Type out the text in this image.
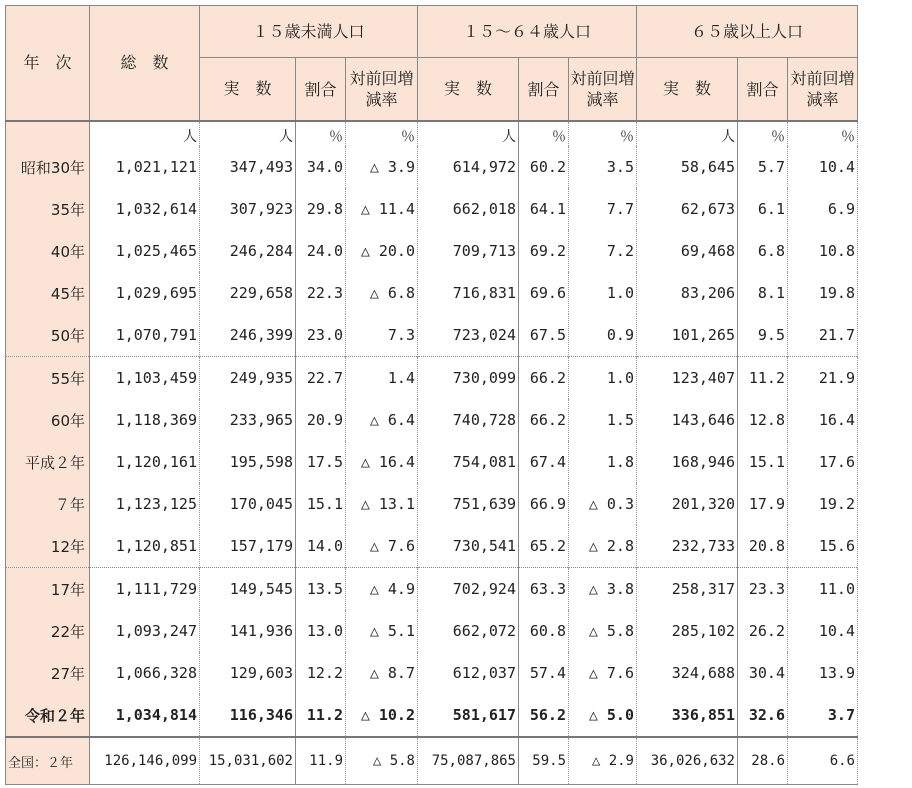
年　次	総　数	１５歳未満人口			１５～６４歳人口			６５歳以上人口		
		実　数	割合	対前回増減率	実　数	割合	対前回増減率	実　数	割合	対前回増減率
	人	人	％	％	人	％	％	人	％	％
昭和30年	1,021,121	347,493	34.0	△ 3.9	614,972	60.2	3.5	58,645	5.7	10.4
35年	1,032,614	307,923	29.8	△ 11.4	662,018	64.1	7.7	62,673	6.1	6.9
40年	1,025,465	246,284	24.0	△ 20.0	709,713	69.2	7.2	69,468	6.8	10.8
45年	1,029,695	229,658	22.3	△ 6.8	716,831	69.6	1.0	83,206	8.1	19.8
50年	1,070,791	246,399	23.0	7.3	723,024	67.5	0.9	101,265	9.5	21.7
55年	1,103,459	249,935	22.7	1.4	730,099	66.2	1.0	123,407	11.2	21.9
60年	1,118,369	233,965	20.9	△ 6.4	740,728	66.2	1.5	143,646	12.8	16.4
平成２年	1,120,161	195,598	17.5	△ 16.4	754,081	67.4	1.8	168,946	15.1	17.6
７年	1,123,125	170,045	15.1	△ 13.1	751,639	66.9	△ 0.3	201,320	17.9	19.2
12年	1,120,851	157,179	14.0	△ 7.6	730,541	65.2	△ 2.8	232,733	20.8	15.6
17年	1,111,729	149,545	13.5	△ 4.9	702,924	63.3	△ 3.8	258,317	23.3	11.0
22年	1,093,247	141,936	13.0	△ 5.1	662,072	60.8	△ 5.8	285,102	26.2	10.4
27年	1,066,328	129,603	12.2	△ 8.7	612,037	57.4	△ 7.6	324,688	30.4	13.9
令和２年	1,034,814	116,346	11.2	△ 10.2	581,617	56.2	△ 5.0	336,851	32.6	3.7
全国：２年	126,146,099	15,031,602	11.9	△ 5.8	75,087,865	59.5	△ 2.9	36,026,632	28.6	6.6
